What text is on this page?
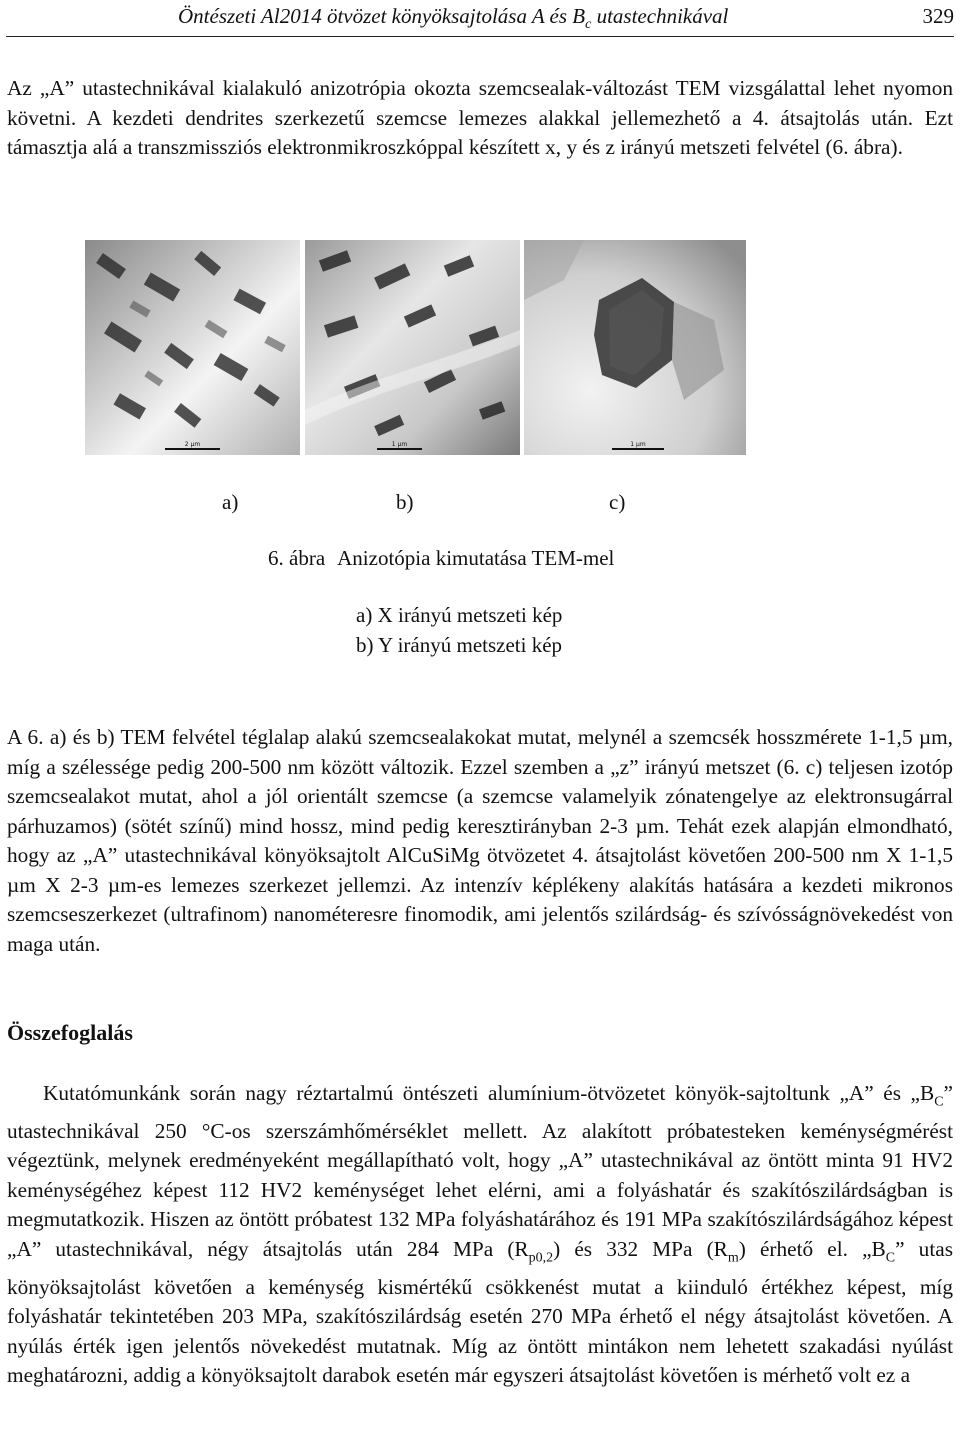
Öntészeti Al2014 ötvözet könyöksajtolása A és $B_c$ utastechnikával	329

Az „A” utastechnikával kialakuló anizotrópia okozta szemcsealak-változást TEM vizsgálattal lehet nyomon követni. A kezdeti dendrites szerkezetű szemcse lemezes alakkal jellemezhető a 4. átsajtolás után. Ezt támasztja alá a transzmissziós elektronmikroszkóppal készített x, y és z irányú metszeti felvétel (6. ábra).

2 µm	1 µm	1 µm
a)	b)	c)
6. ábra Anizotópia kimutatása TEM-mel
a) X irányú metszeti kép
b) Y irányú metszeti kép

A 6. a) és b) TEM felvétel téglalap alakú szemcsealakokat mutat, melynél a szemcsék hosszmérete 1-1,5 µm, míg a szélessége pedig 200-500 nm között változik. Ezzel szemben a „z” irányú metszet (6. c) teljesen izotóp szemcsealakot mutat, ahol a jól orientált szemcse (a szemcse valamelyik zónatengelye az elektronsugárral párhuzamos) (sötét színű) mind hossz, mind pedig keresztirányban 2-3 µm. Tehát ezek alapján elmondható, hogy az „A” utastechnikával könyöksajtolt AlCuSiMg ötvözetet 4. átsajtolást követően 200-500 nm X 1-1,5 µm X 2-3 µm-es lemezes szerkezet jellemzi. Az intenzív képlékeny alakítás hatására a kezdeti mikronos szemcseszerkezet (ultrafinom) nanométeresre finomodik, ami jelentős szilárdság- és szívósságnövekedést von maga után.

Összefoglalás

Kutatómunkánk során nagy réztartalmú öntészeti alumínium-ötvözetet könyök-sajtoltunk „A” és $„B_C$” utastechnikával 250 °C-os szerszámhőmérséklet mellett. Az alakított próbatesteken keménységmérést végeztünk, melynek eredményeként megállapítható volt, hogy „A” utastechnikával az öntött minta 91 HV2 keménységéhez képest 112 HV2 keménységet lehet elérni, ami a folyáshatár és szakítószilárdságban is megmutatkozik. Hiszen az öntött próbatest 132 MPa folyáshatárához és 191 MPa szakítószilárdságához képest „A” utastechnikával, négy átsajtolás után 284 MPa $(R_{p0,2})$ és 332 MPa $(R_m)$ érhető el. $„B_C$” utas könyöksajtolást követően a keménység kismértékű csökkenést mutat a kiinduló értékhez képest, míg folyáshatár tekintetében 203 MPa, szakítószilárdság esetén 270 MPa érhető el négy átsajtolást követően. A nyúlás érték igen jelentős növekedést mutatnak. Míg az öntött mintákon nem lehetett szakadási nyúlást meghatározni, addig a könyöksajtolt darabok esetén már egyszeri átsajtolást követően is mérhető volt ez a
